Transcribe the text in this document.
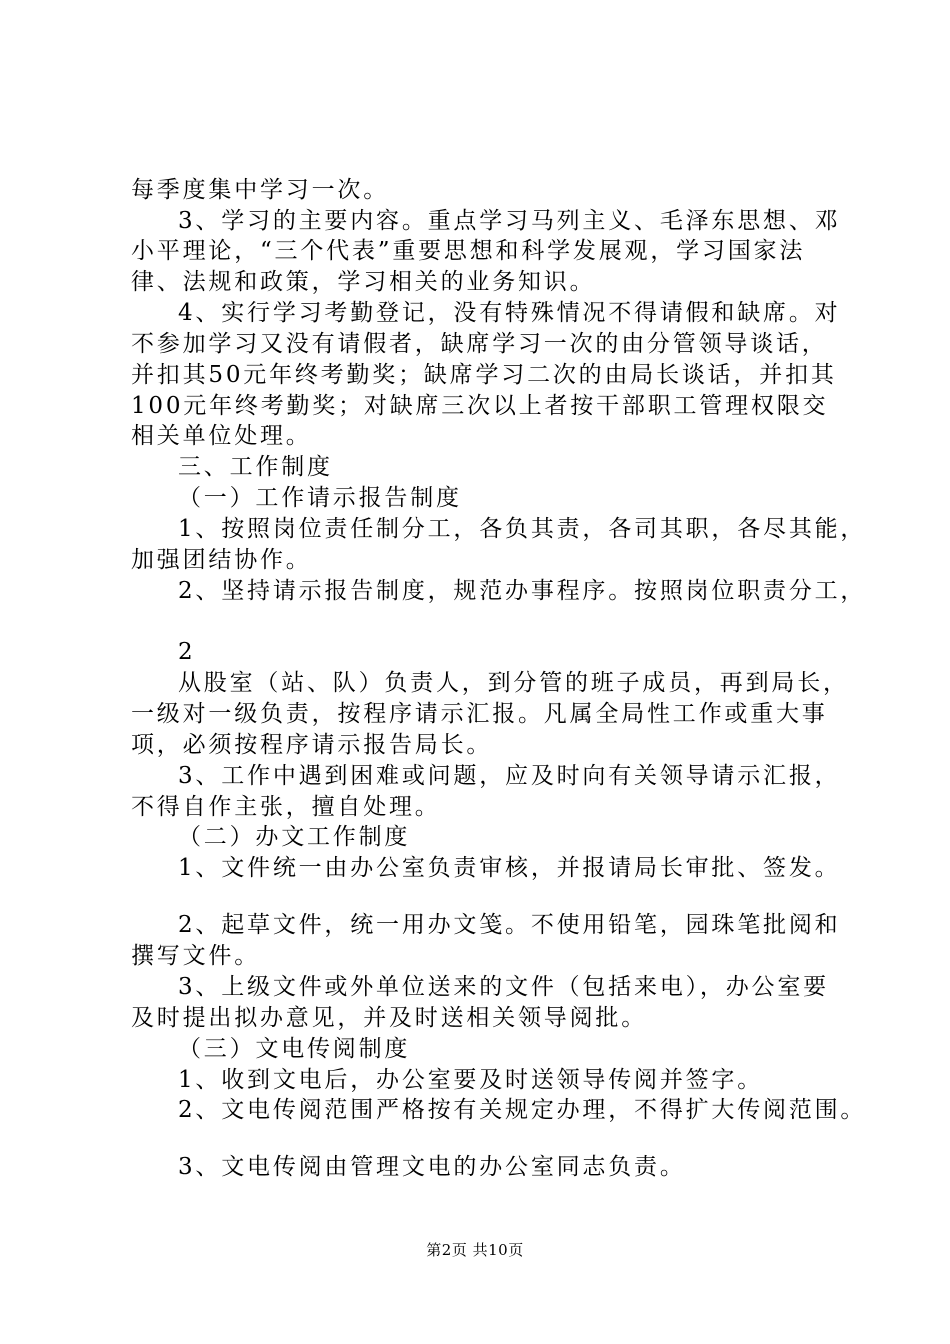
每季度集中学习一次。
3、学习的主要内容。重点学习马列主义、毛泽东思想、邓
小平理论，“三个代表”重要思想和科学发展观，学习国家法
律、法规和政策，学习相关的业务知识。
4、实行学习考勤登记，没有特殊情况不得请假和缺席。对
不参加学习又没有请假者，缺席学习一次的由分管领导谈话，
并扣其50元年终考勤奖；缺席学习二次的由局长谈话，并扣其
100元年终考勤奖；对缺席三次以上者按干部职工管理权限交
相关单位处理。
三、工作制度
（一）工作请示报告制度
1、按照岗位责任制分工，各负其责，各司其职，各尽其能，
加强团结协作。
2、坚持请示报告制度，规范办事程序。按照岗位职责分工，
2
从股室（站、队）负责人，到分管的班子成员，再到局长，
一级对一级负责，按程序请示汇报。凡属全局性工作或重大事
项，必须按程序请示报告局长。
3、工作中遇到困难或问题，应及时向有关领导请示汇报，
不得自作主张，擅自处理。
（二）办文工作制度
1、文件统一由办公室负责审核，并报请局长审批、签发。
2、起草文件，统一用办文笺。不使用铅笔，园珠笔批阅和
撰写文件。
3、上级文件或外单位送来的文件（包括来电），办公室要
及时提出拟办意见，并及时送相关领导阅批。
（三）文电传阅制度
1、收到文电后，办公室要及时送领导传阅并签字。
2、文电传阅范围严格按有关规定办理，不得扩大传阅范围。
3、文电传阅由管理文电的办公室同志负责。
第2页 共10页
